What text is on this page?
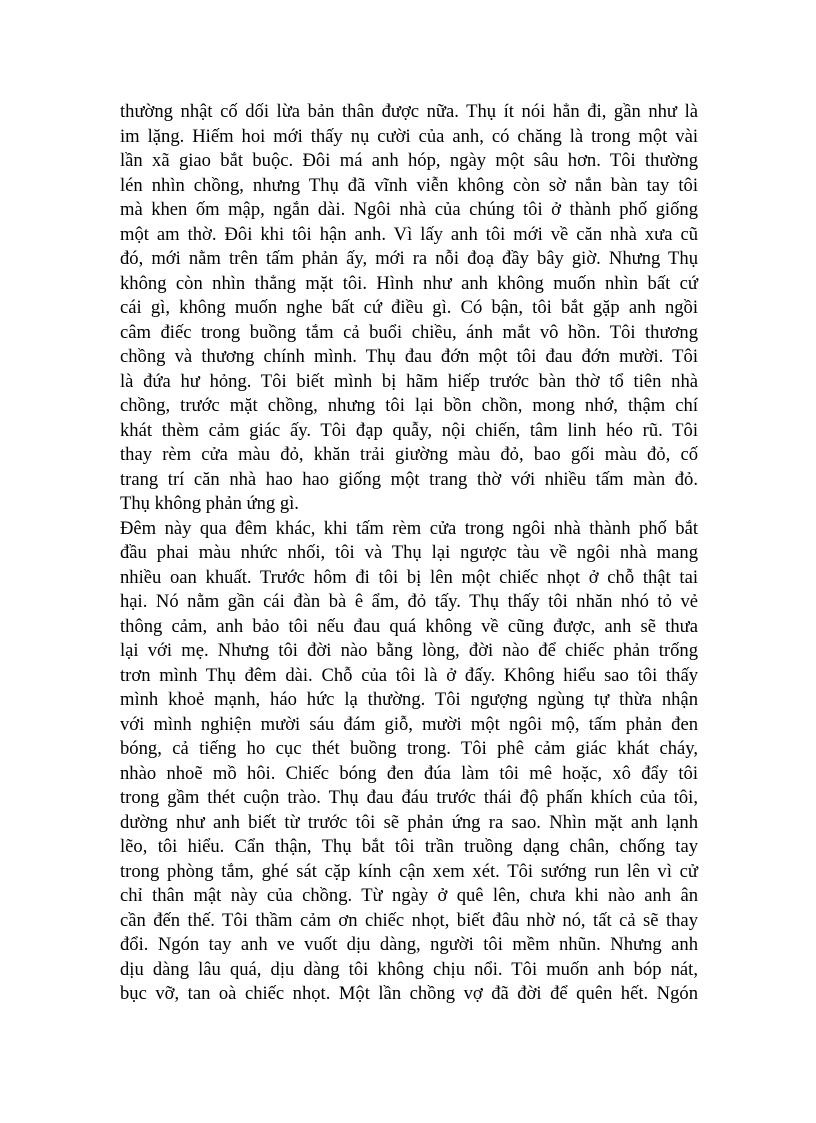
thường nhật cố dối lừa bản thân được nữa. Thụ ít nói hẳn đi, gần như là
im lặng. Hiếm hoi mới thấy nụ cười của anh, có chăng là trong một vài
lần xã giao bắt buộc. Đôi má anh hóp, ngày một sâu hơn. Tôi thường
lén nhìn chồng, nhưng Thụ đã vĩnh viễn không còn sờ nắn bàn tay tôi
mà khen ốm mập, ngắn dài. Ngôi nhà của chúng tôi ở thành phố giống
một am thờ. Đôi khi tôi hận anh. Vì lấy anh tôi mới về căn nhà xưa cũ
đó, mới nằm trên tấm phản ấy, mới ra nỗi đoạ đầy bây giờ. Nhưng Thụ
không còn nhìn thẳng mặt tôi. Hình như anh không muốn nhìn bất cứ
cái gì, không muốn nghe bất cứ điều gì. Có bận, tôi bắt gặp anh ngồi
câm điếc trong buồng tắm cả buổi chiều, ánh mắt vô hồn. Tôi thương
chồng và thương chính mình. Thụ đau đớn một tôi đau đớn mười. Tôi
là đứa hư hỏng. Tôi biết mình bị hãm hiếp trước bàn thờ tổ tiên nhà
chồng, trước mặt chồng, nhưng tôi lại bồn chồn, mong nhớ, thậm chí
khát thèm cảm giác ấy. Tôi đạp quẫy, nội chiến, tâm linh héo rũ. Tôi
thay rèm cửa màu đỏ, khăn trải giường màu đỏ, bao gối màu đỏ, cố
trang trí căn nhà hao hao giống một trang thờ với nhiều tấm màn đỏ.
Thụ không phản ứng gì.
Đêm này qua đêm khác, khi tấm rèm cửa trong ngôi nhà thành phố bắt
đầu phai màu nhức nhối, tôi và Thụ lại ngược tàu về ngôi nhà mang
nhiều oan khuất. Trước hôm đi tôi bị lên một chiếc nhọt ở chỗ thật tai
hại. Nó nằm gần cái đàn bà ê ẩm, đỏ tấy. Thụ thấy tôi nhăn nhó tỏ vẻ
thông cảm, anh bảo tôi nếu đau quá không về cũng được, anh sẽ thưa
lại với mẹ. Nhưng tôi đời nào bằng lòng, đời nào để chiếc phản trống
trơn mình Thụ đêm dài. Chỗ của tôi là ở đấy. Không hiểu sao tôi thấy
mình khoẻ mạnh, háo hức lạ thường. Tôi ngượng ngùng tự thừa nhận
với mình nghiện mười sáu đám giỗ, mười một ngôi mộ, tấm phản đen
bóng, cả tiếng ho cục thét buồng trong. Tôi phê cảm giác khát cháy,
nhào nhoẽ mồ hôi. Chiếc bóng đen đúa làm tôi mê hoặc, xô đẩy tôi
trong gầm thét cuộn trào. Thụ đau đáu trước thái độ phấn khích của tôi,
dường như anh biết từ trước tôi sẽ phản ứng ra sao. Nhìn mặt anh lạnh
lẽo, tôi hiểu. Cẩn thận, Thụ bắt tôi trần truồng dạng chân, chống tay
trong phòng tắm, ghé sát cặp kính cận xem xét. Tôi sướng run lên vì cử
chỉ thân mật này của chồng. Từ ngày ở quê lên, chưa khi nào anh ân
cần đến thế. Tôi thầm cảm ơn chiếc nhọt, biết đâu nhờ nó, tất cả sẽ thay
đổi. Ngón tay anh ve vuốt dịu dàng, người tôi mềm nhũn. Nhưng anh
dịu dàng lâu quá, dịu dàng tôi không chịu nổi. Tôi muốn anh bóp nát,
bục vỡ, tan oà chiếc nhọt. Một lần chồng vợ đã đời để quên hết. Ngón
